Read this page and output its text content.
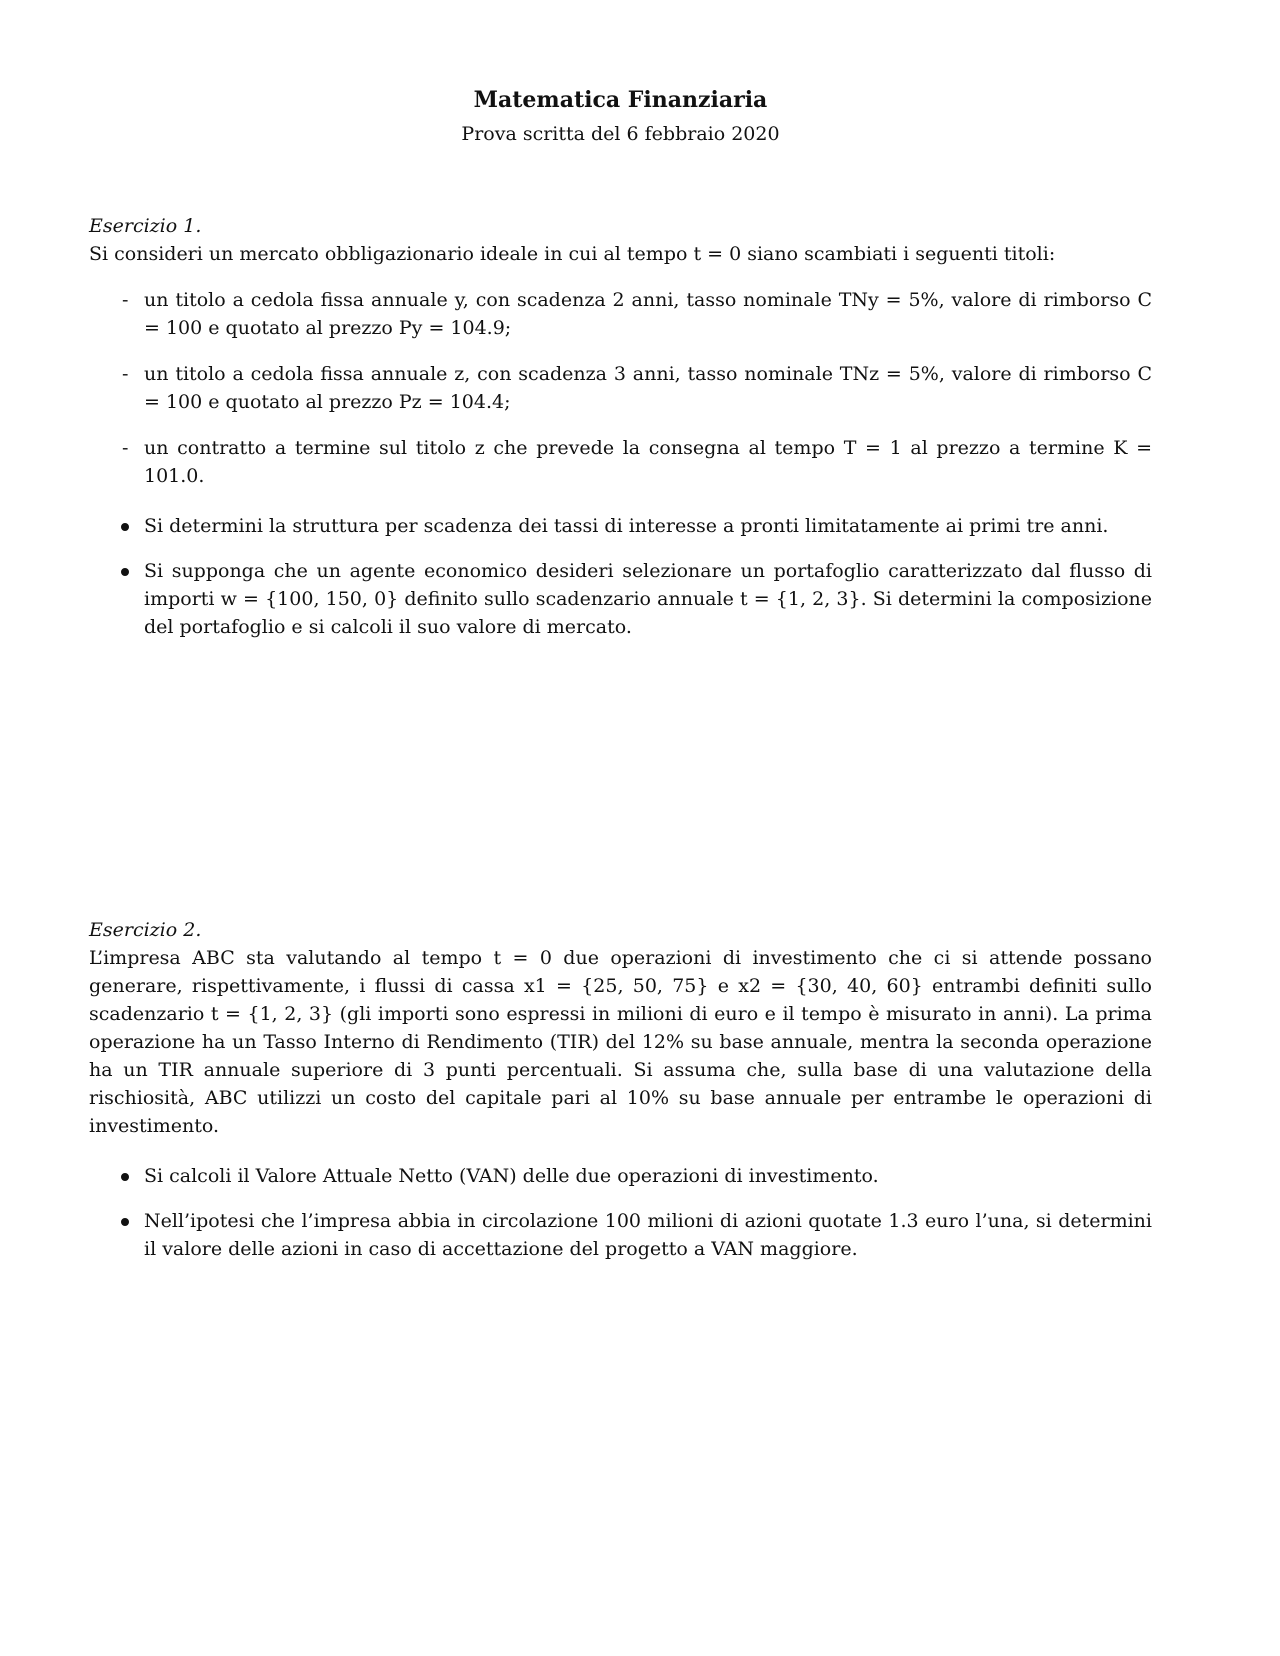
Matematica Finanziaria

Prova scritta del 6 febbraio 2020

Esercizio 1.

Si consideri un mercato obbligazionario ideale in cui al tempo t = 0 siano scambiati i seguenti titoli:

- un titolo a cedola fissa annuale y, con scadenza 2 anni, tasso nominale TNy = 5%, valore di rimborso C = 100 e quotato al prezzo Py = 104.9;
- un titolo a cedola fissa annuale z, con scadenza 3 anni, tasso nominale TNz = 5%, valore di rimborso C = 100 e quotato al prezzo Pz = 104.4;
- un contratto a termine sul titolo z che prevede la consegna al tempo T = 1 al prezzo a termine K = 101.0.
Si determini la struttura per scadenza dei tassi di interesse a pronti limitatamente ai primi tre anni.
Si supponga che un agente economico desideri selezionare un portafoglio caratterizzato dal flusso di importi w = {100, 150, 0} definito sullo scadenzario annuale t = {1, 2, 3}. Si determini la composizione del portafoglio e si calcoli il suo valore di mercato.

Esercizio 2.

L’impresa ABC sta valutando al tempo t = 0 due operazioni di investimento che ci si attende possano generare, rispettivamente, i flussi di cassa x1 = {25, 50, 75} e x2 = {30, 40, 60} entrambi definiti sullo scadenzario t = {1, 2, 3} (gli importi sono espressi in milioni di euro e il tempo è misurato in anni). La prima operazione ha un Tasso Interno di Rendimento (TIR) del 12% su base annuale, mentra la seconda operazione ha un TIR annuale superiore di 3 punti percentuali. Si assuma che, sulla base di una valutazione della rischiosità, ABC utilizzi un costo del capitale pari al 10% su base annuale per entrambe le operazioni di investimento.

Si calcoli il Valore Attuale Netto (VAN) delle due operazioni di investimento.
Nell’ipotesi che l’impresa abbia in circolazione 100 milioni di azioni quotate 1.3 euro l’una, si determini il valore delle azioni in caso di accettazione del progetto a VAN maggiore.
